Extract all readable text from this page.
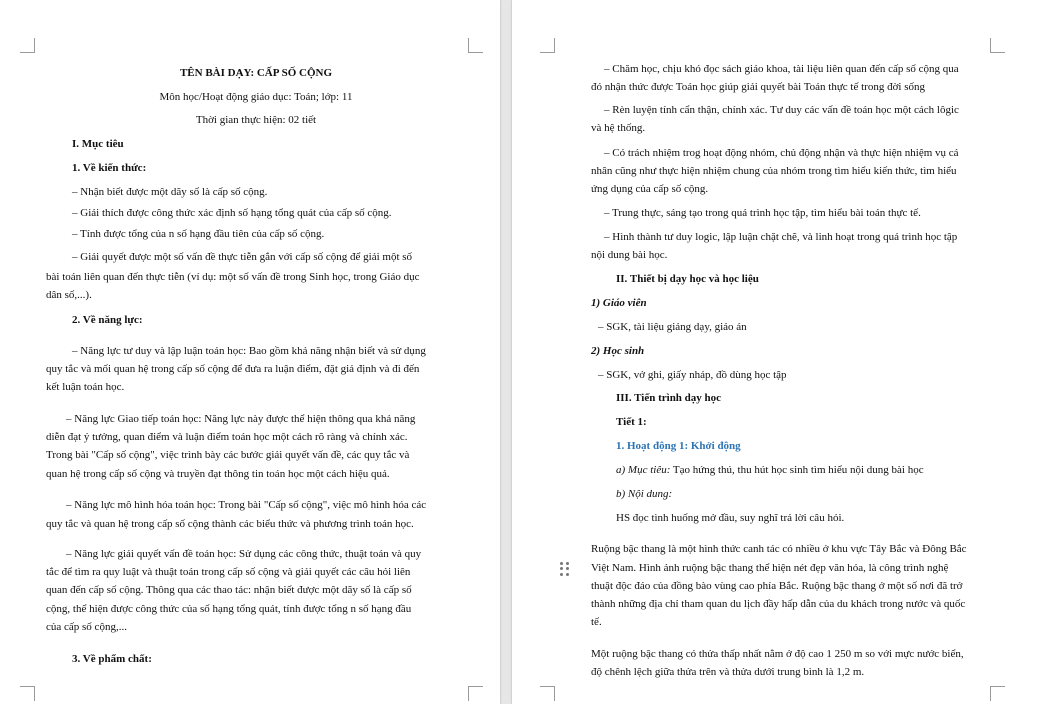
TÊN BÀI DẠY: CẤP SỐ CỘNG
Môn học/Hoạt động giáo dục: Toán; lớp: 11
Thời gian thực hiện: 02 tiết
I. Mục tiêu
1. Về kiến thức:
– Nhận biết được một dãy số là cấp số cộng.
– Giải thích được công thức xác định số hạng tổng quát của cấp số cộng.
– Tính được tổng của n số hạng đầu tiên của cấp số cộng.
– Giải quyết được một số vấn đề thực tiễn gắn với cấp số cộng để giải một số
bài toán liên quan đến thực tiễn (ví dụ: một số vấn đề trong Sinh học, trong Giáo dục
dân số,...).
2. Về năng lực:
– Năng lực tư duy và lập luận toán học: Bao gồm khả năng nhận biết và sử dụng
quy tắc và mối quan hệ trong cấp số cộng để đưa ra luận điểm, đặt giả định và đi đến
kết luận toán học.
– Năng lực Giao tiếp toán học: Năng lực này được thể hiện thông qua khả năng
diễn đạt ý tưởng, quan điểm và luận điểm toán học một cách rõ ràng và chính xác.
Trong bài "Cấp số cộng", việc trình bày các bước giải quyết vấn đề, các quy tắc và
quan hệ trong cấp số cộng và truyền đạt thông tin toán học một cách hiệu quả.
– Năng lực mô hình hóa toán học: Trong bài "Cấp số cộng", việc mô hình hóa các
quy tắc và quan hệ trong cấp số cộng thành các biểu thức và phương trình toán học.
– Năng lực giải quyết vấn đề toán học: Sử dụng các công thức, thuật toán và quy
tắc để tìm ra quy luật và thuật toán trong cấp số cộng và giải quyết các câu hỏi liên
quan đến cấp số cộng. Thông qua các thao tác: nhận biết được một dãy số là cấp số
cộng, thể hiện được công thức của số hạng tổng quát, tính được tổng n số hạng đầu
của cấp số cộng,...
3. Về phẩm chất:
– Chăm học, chịu khó đọc sách giáo khoa, tài liệu liên quan đến cấp số cộng qua
đó nhận thức được Toán học giúp giải quyết bài Toán thực tế trong đời sống
– Rèn luyện tính cẩn thận, chính xác. Tư duy các vấn đề toán học một cách lôgic
và hệ thống.
– Có trách nhiệm trog hoạt động nhóm, chủ động nhận và thực hiện nhiệm vụ cá
nhân cũng như thực hiện nhiệm chung của nhóm trong tìm hiểu kiến thức, tìm hiểu
ứng dụng của cấp số cộng.
– Trung thực, sáng tạo trong quá trình học tập, tìm hiểu bài toán thực tế.
– Hình thành tư duy logic, lập luận chặt chẽ, và linh hoạt trong quá trình học tập
nội dung bài học.
II. Thiết bị dạy học và học liệu
1) Giáo viên
– SGK, tài liệu giảng dạy, giáo án
2) Học sinh
– SGK, vở ghi, giấy nháp, đồ dùng học tập
III. Tiến trình dạy học
Tiết 1:
1. Hoạt động 1: Khởi động
a) Mục tiêu: Tạo hứng thú, thu hút học sinh tìm hiểu nội dung bài học
b) Nội dung:
HS đọc tình huống mở đầu, suy nghĩ trả lời câu hỏi.
Ruộng bậc thang là một hình thức canh tác có nhiều ở khu vực Tây Bắc và Đông Bắc
Việt Nam. Hình ảnh ruộng bậc thang thể hiện nét đẹp văn hóa, là công trình nghệ
thuật độc đáo của đồng bào vùng cao phía Bắc. Ruộng bậc thang ở một số nơi đã trở
thành những địa chỉ tham quan du lịch đầy hấp dẫn của du khách trong nước và quốc
tế.
Một ruộng bậc thang có thửa thấp nhất nằm ở độ cao 1 250 m so với mực nước biển,
độ chênh lệch giữa thửa trên và thửa dưới trung bình là 1,2 m.
